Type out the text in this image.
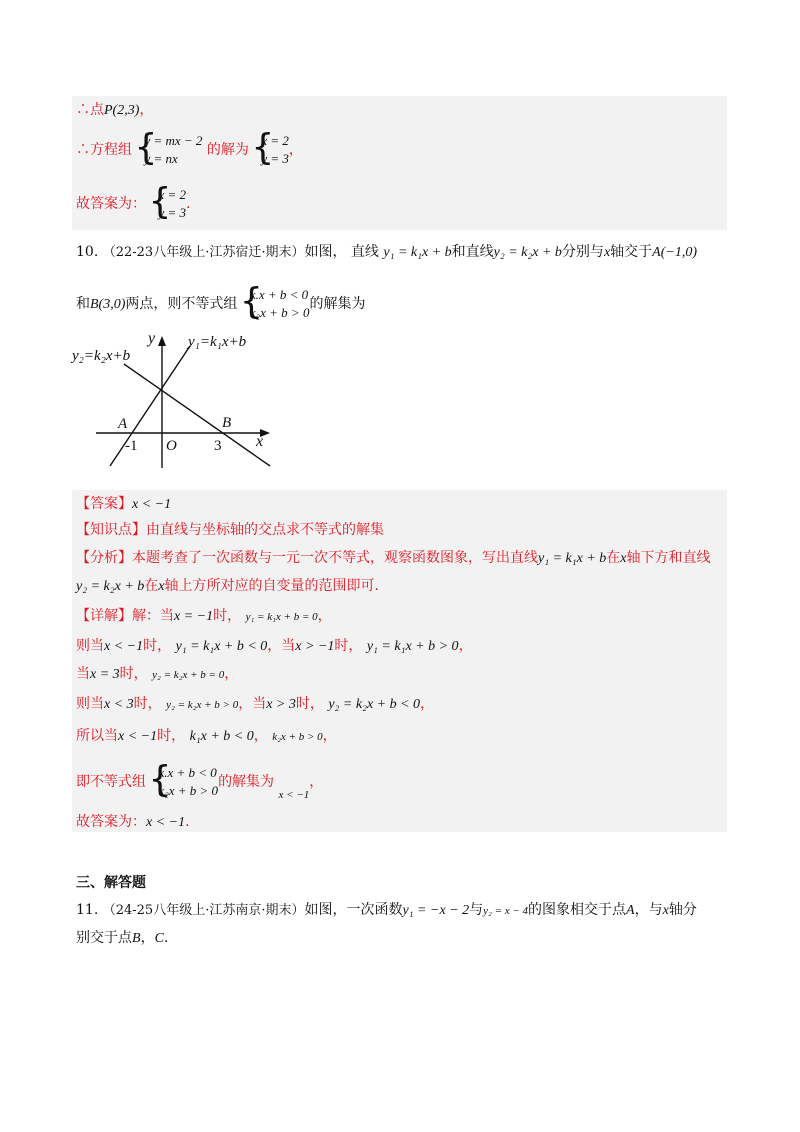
∴点P(2,3)，
∴方程组
{ y = mx − 2
y = nx
的解为
{ x = 2
y = 3
，
故答案为：
{ x = 2
y = 3
.
10. （22-23八年级上·江苏宿迁·期末）如图， 直线 y₁ = k₁x + b和直线y₂ = k₂x + b分别与x轴交于A(−1,0)
和B(3,0)两点，则不等式组
{ k.x + b < 0
k₂x + b > 0
的解集为
y₂=k₂x+b
y₁=k₁x+b
y
x
A	B
-1 O 3
【答案】x < −1
【知识点】由直线与坐标轴的交点求不等式的解集
【分析】本题考查了一次函数与一元一次不等式，观察函数图象，写出直线y₁ = k₁x + b在x轴下方和直线
y₂ = k₂x + b在x轴上方所对应的自变量的范围即可.
【详解】解：当x = −1时， y₁ = k₁x + b = 0，
则当x < −1时， y₁ = k₁x + b < 0，当x > −1时， y₁ = k₁x + b > 0，
当x = 3时， y₂ = k₂x + b = 0，
则当x < 3时， y₂ = k₂x + b > 0，当x > 3时， y₂ = k₂x + b < 0，
所以当x < −1时， k₁x + b < 0， k₂x + b > 0，
即不等式组
{ k.x + b < 0
k₂x + b > 0
的解集为 $_{x < -1}$，
故答案为：x < −1.
三、解答题
11. （24-25八年级上·江苏南京·期末）如图，一次函数y₁ = −x − 2与y₂ = x − 4的图象相交于点A，与x轴分
别交于点B，C.
